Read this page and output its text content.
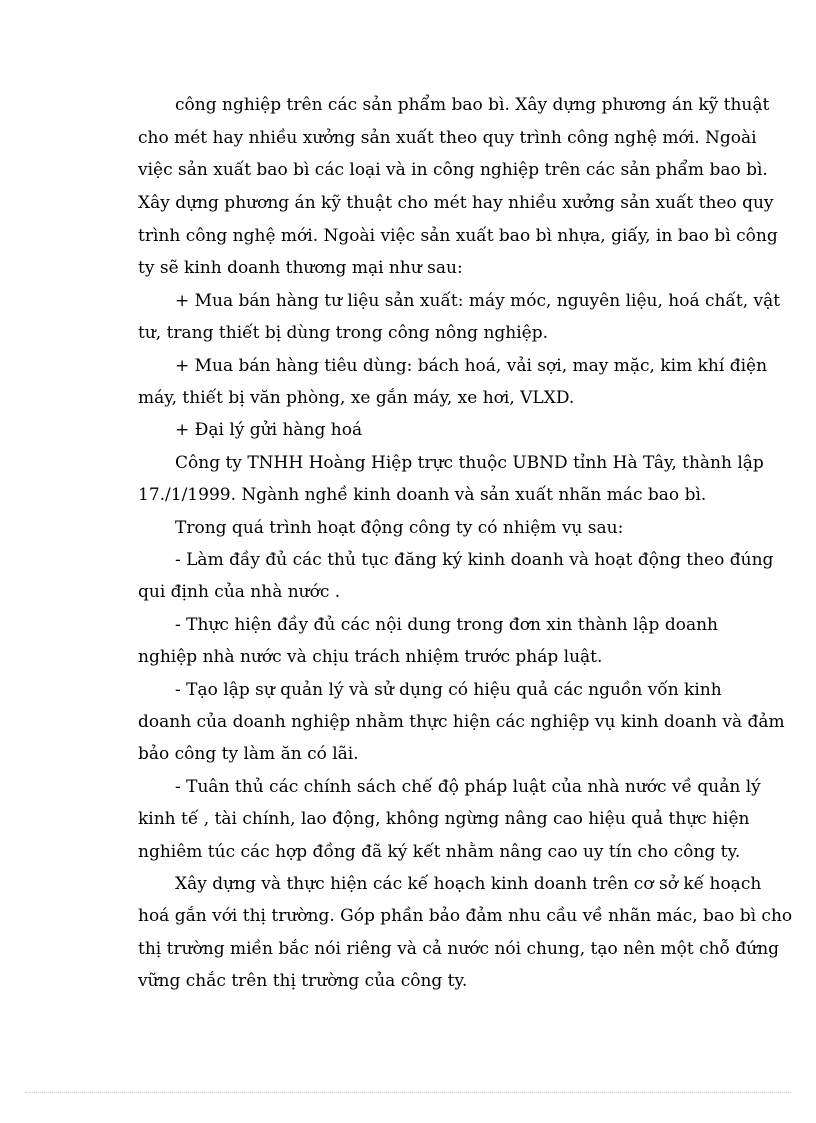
công nghiệp trên các sản phẩm bao bì. Xây dựng phương án kỹ thuật
cho mét hay nhiều xưởng sản xuất theo quy trình công nghệ mới. Ngoài
việc sản xuất bao bì các loại và in công nghiệp trên các sản phẩm bao bì.
Xây dựng phương án kỹ thuật cho mét hay nhiều xưởng sản xuất theo quy
trình công nghệ mới. Ngoài việc sản xuất bao bì nhựa, giấy, in bao bì công
ty sẽ kinh doanh thương mại như sau:
+ Mua bán hàng tư liệu sản xuất: máy móc, nguyên liệu, hoá chất, vật
tư, trang thiết bị dùng trong công nông nghiệp.
+ Mua bán hàng tiêu dùng: bách hoá, vải sợi, may mặc, kim khí điện
máy, thiết bị văn phòng, xe gắn máy, xe hơi, VLXD.
+ Đại lý gửi hàng hoá
Công ty TNHH Hoàng Hiệp trực thuộc UBND tỉnh Hà Tây, thành lập
17./1/1999. Ngành nghề kinh doanh và sản xuất nhãn mác bao bì.
Trong quá trình hoạt động công ty có nhiệm vụ sau:
- Làm đầy đủ các thủ tục đăng ký kinh doanh và hoạt động theo đúng
qui định của nhà nước .
- Thực hiện đầy đủ các nội dung trong đơn xin thành lập doanh
nghiệp nhà nước và chịu trách nhiệm trước pháp luật.
- Tạo lập sự quản lý và sử dụng có hiệu quả các nguồn vốn kinh
doanh của doanh nghiệp nhằm thực hiện các nghiệp vụ kinh doanh và đảm
bảo công ty làm ăn có lãi.
- Tuân thủ các chính sách chế độ pháp luật của nhà nước về quản lý
kinh tế , tài chính, lao động, không ngừng nâng cao hiệu quả thực hiện
nghiêm túc các hợp đồng đã ký kết nhằm nâng cao uy tín cho công ty.
Xây dựng và thực hiện các kế hoạch kinh doanh trên cơ sở kế hoạch
hoá gắn với thị trường. Góp phần bảo đảm nhu cầu về nhãn mác, bao bì cho
thị trường miền bắc nói riêng và cả nước nói chung, tạo nên một chỗ đứng
vững chắc trên thị trường của công ty.
